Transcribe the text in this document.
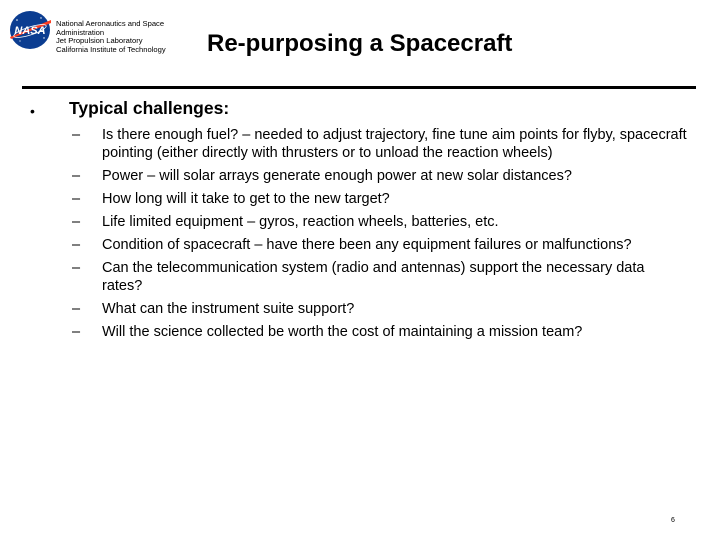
NASA
National Aeronautics and Space
Administration
Jet Propulsion Laboratory
California Institute of Technology	Re-purposing a Spacecraft
• Typical challenges:
–	Is there enough fuel? – needed to adjust trajectory, fine tune aim points for flyby, spacecraft pointing (either directly with thrusters or to unload the reaction wheels)
–	Power – will solar arrays generate enough power at new solar distances?
–	How long will it take to get to the new target?
–	Life limited equipment – gyros, reaction wheels, batteries, etc.
–	Condition of spacecraft – have there been any equipment failures or malfunctions?
–	Can the telecommunication system (radio and antennas) support the necessary data rates?
–	What can the instrument suite support?
–	Will the science collected be worth the cost of maintaining a mission team?
6
